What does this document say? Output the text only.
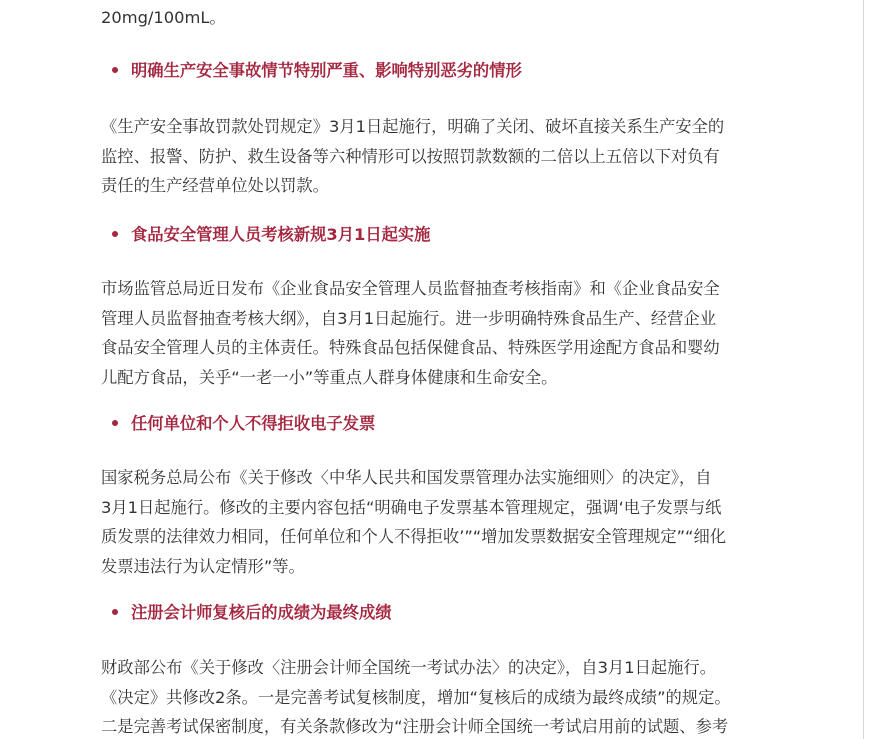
20mg/100mL。

明确生产安全事故情节特别严重、影响特别恶劣的情形

《生产安全事故罚款处罚规定》3月1日起施行，明确了关闭、破坏直接关系生产安全的
监控、报警、防护、救生设备等六种情形可以按照罚款数额的二倍以上五倍以下对负有
责任的生产经营单位处以罚款。

食品安全管理人员考核新规3月1日起实施

市场监管总局近日发布《企业食品安全管理人员监督抽查考核指南》和《企业食品安全
管理人员监督抽查考核大纲》，自3月1日起施行。进一步明确特殊食品生产、经营企业
食品安全管理人员的主体责任。特殊食品包括保健食品、特殊医学用途配方食品和婴幼
儿配方食品，关乎“一老一小”等重点人群身体健康和生命安全。

任何单位和个人不得拒收电子发票

国家税务总局公布《关于修改〈中华人民共和国发票管理办法实施细则〉的决定》，自
3月1日起施行。修改的主要内容包括“明确电子发票基本管理规定，强调‘电子发票与纸
质发票的法律效力相同，任何单位和个人不得拒收’”“增加发票数据安全管理规定”“细化
发票违法行为认定情形”等。

注册会计师复核后的成绩为最终成绩

财政部公布《关于修改〈注册会计师全国统一考试办法〉的决定》，自3月1日起施行。
《决定》共修改2条。一是完善考试复核制度，增加“复核后的成绩为最终成绩”的规定。
二是完善考试保密制度，有关条款修改为“注册会计师全国统一考试启用前的试题、参考
